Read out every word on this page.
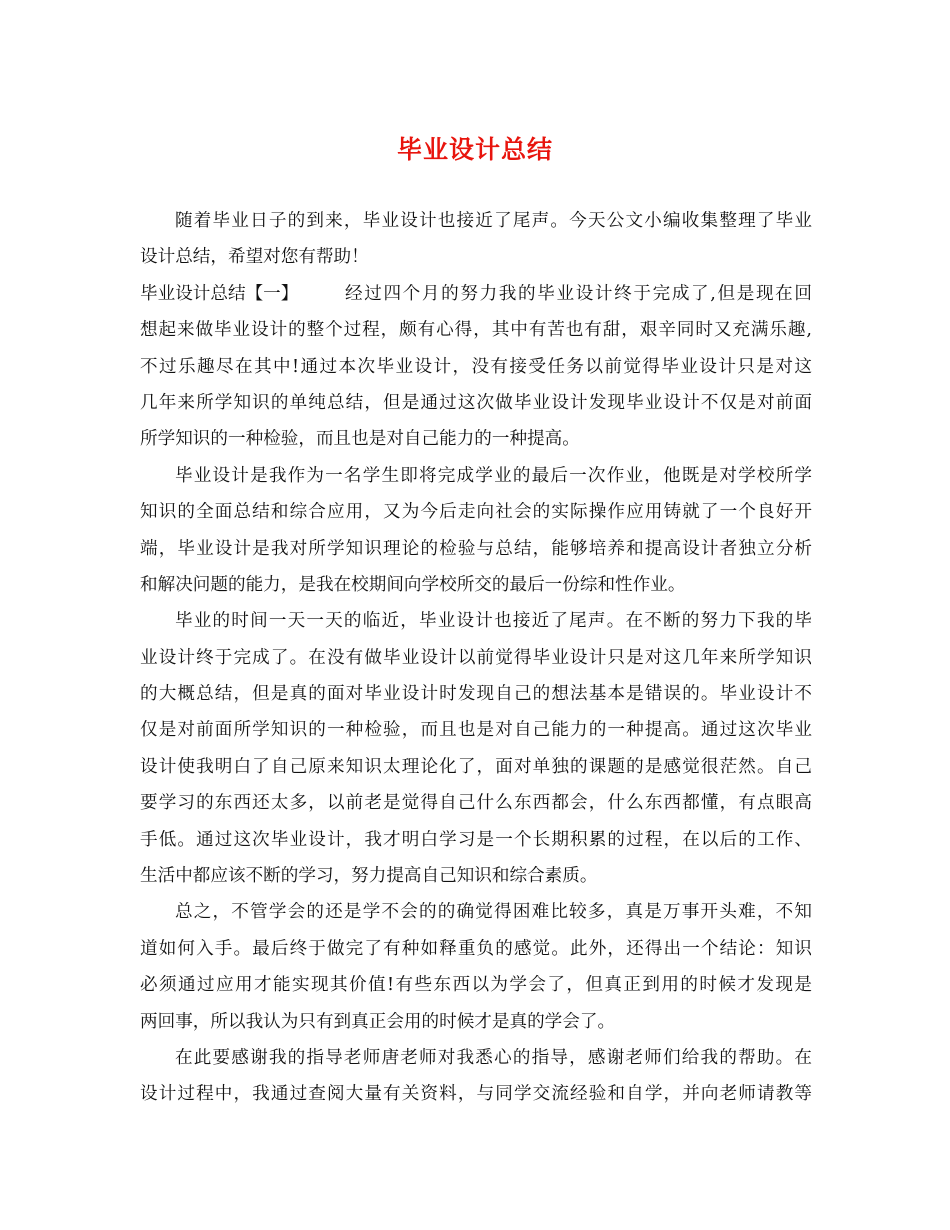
毕业设计总结
随着毕业日子的到来，毕业设计也接近了尾声。今天公文小编收集整理了毕业
设计总结，希望对您有帮助！
毕业设计总结【一】	经过四个月的努力我的毕业设计终于完成了,但是现在回
想起来做毕业设计的整个过程，颇有心得，其中有苦也有甜，艰辛同时又充满乐趣,
不过乐趣尽在其中!通过本次毕业设计，没有接受任务以前觉得毕业设计只是对这
几年来所学知识的单纯总结，但是通过这次做毕业设计发现毕业设计不仅是对前面
所学知识的一种检验，而且也是对自己能力的一种提高。
毕业设计是我作为一名学生即将完成学业的最后一次作业，他既是对学校所学
知识的全面总结和综合应用，又为今后走向社会的实际操作应用铸就了一个良好开
端，毕业设计是我对所学知识理论的检验与总结，能够培养和提高设计者独立分析
和解决问题的能力，是我在校期间向学校所交的最后一份综和性作业。
毕业的时间一天一天的临近，毕业设计也接近了尾声。在不断的努力下我的毕
业设计终于完成了。在没有做毕业设计以前觉得毕业设计只是对这几年来所学知识
的大概总结，但是真的面对毕业设计时发现自己的想法基本是错误的。毕业设计不
仅是对前面所学知识的一种检验，而且也是对自己能力的一种提高。通过这次毕业
设计使我明白了自己原来知识太理论化了，面对单独的课题的是感觉很茫然。自己
要学习的东西还太多，以前老是觉得自己什么东西都会，什么东西都懂，有点眼高
手低。通过这次毕业设计，我才明白学习是一个长期积累的过程，在以后的工作、
生活中都应该不断的学习，努力提高自己知识和综合素质。
总之，不管学会的还是学不会的的确觉得困难比较多，真是万事开头难，不知
道如何入手。最后终于做完了有种如释重负的感觉。此外，还得出一个结论：知识
必须通过应用才能实现其价值!有些东西以为学会了，但真正到用的时候才发现是
两回事，所以我认为只有到真正会用的时候才是真的学会了。
在此要感谢我的指导老师唐老师对我悉心的指导，感谢老师们给我的帮助。在
设计过程中，我通过查阅大量有关资料，与同学交流经验和自学，并向老师请教等
